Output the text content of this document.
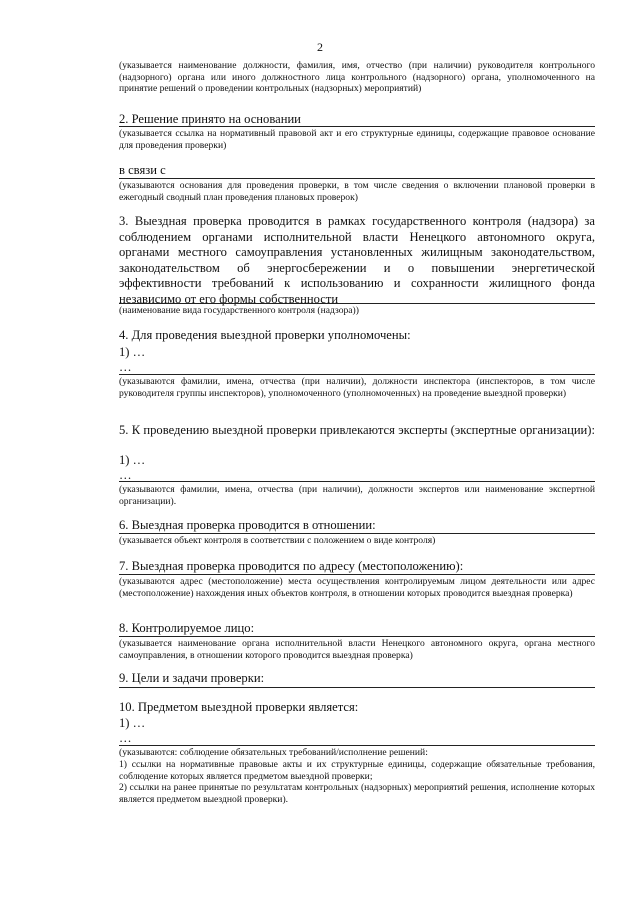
2
(указывается наименование должности, фамилия, имя, отчество (при наличии) руководителя контрольного (надзорного) органа или иного должностного лица контрольного (надзорного) органа, уполномоченного на принятие решений о проведении контрольных (надзорных) мероприятий)
2. Решение принято на основании
(указывается ссылка на нормативный правовой акт и его структурные единицы, содержащие правовое основание для проведения проверки)
в связи с
(указываются основания для проведения проверки, в том числе сведения о включении плановой проверки в ежегодный сводный план проведения плановых проверок)
3. Выездная проверка проводится в рамках государственного контроля (надзора) за соблюдением органами исполнительной власти Ненецкого автономного округа, органами местного самоуправления установленных жилищным законодательством, законодательством об энергосбережении и о повышении энергетической эффективности требований к использованию и сохранности жилищного фонда независимо от его формы собственности
(наименование вида государственного контроля (надзора))
4. Для проведения выездной проверки уполномочены:
1) …
…
(указываются фамилии, имена, отчества (при наличии), должности инспектора (инспекторов, в том числе руководителя группы инспекторов), уполномоченного (уполномоченных) на проведение выездной проверки)
5. К проведению выездной проверки привлекаются эксперты (экспертные организации):
1) …
…
(указываются фамилии, имена, отчества (при наличии), должности экспертов или наименование экспертной организации).
6. Выездная проверка проводится в отношении:
(указывается объект контроля в соответствии с положением о виде контроля)
7. Выездная проверка проводится по адресу (местоположению):
(указываются адрес (местоположение) места осуществления контролируемым лицом деятельности или адрес (местоположение) нахождения иных объектов контроля, в отношении которых проводится выездная проверка)
8. Контролируемое лицо:
(указывается наименование органа исполнительной власти Ненецкого автономного округа, органа местного самоуправления, в отношении которого проводится выездная проверка)
9. Цели и задачи проверки:
10. Предметом выездной проверки является:
1) …
…
(указываются: соблюдение обязательных требований/исполнение решений:
1) ссылки на нормативные правовые акты и их структурные единицы, содержащие обязательные требования, соблюдение которых является предметом выездной проверки;
2) ссылки на ранее принятые по результатам контрольных (надзорных) мероприятий решения, исполнение которых является предметом выездной проверки).
